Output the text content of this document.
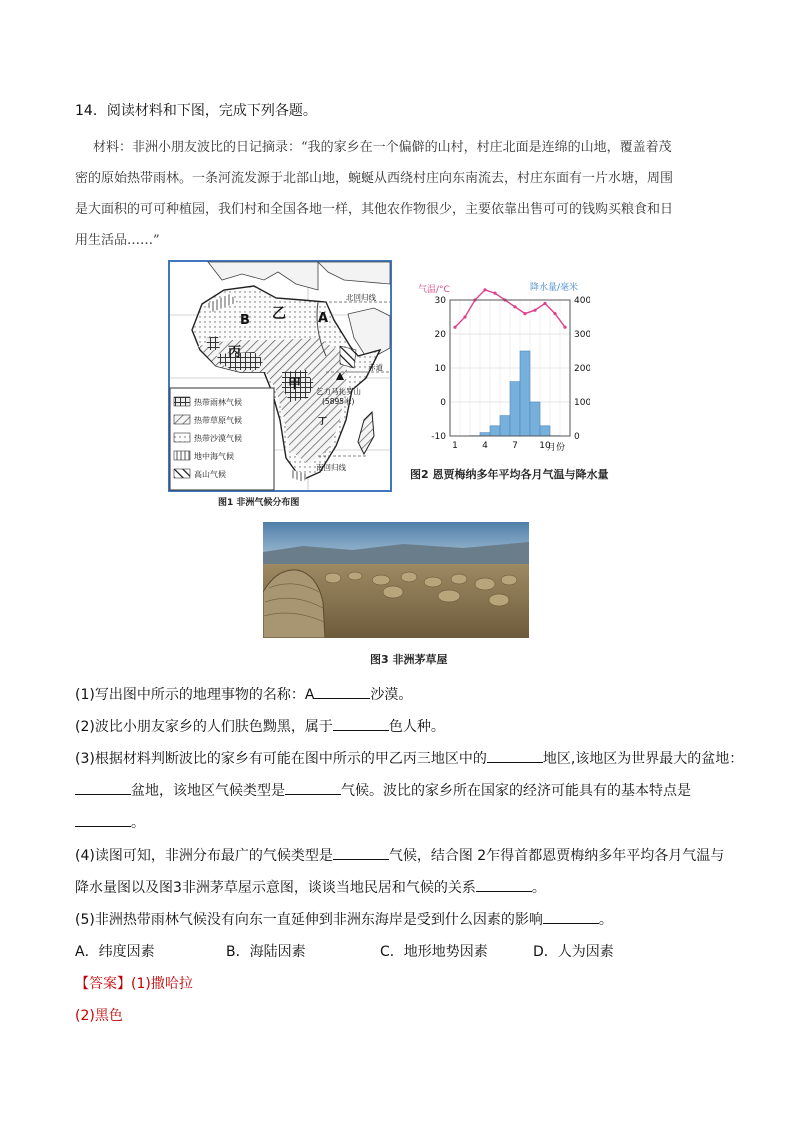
14．阅读材料和下图，完成下列各题。
材料：非洲小朋友波比的日记摘录：“我的家乡在一个偏僻的山村，村庄北面是连绵的山地，覆盖着茂
密的原始热带雨林。一条河流发源于北部山地，蜿蜒从西绕村庄向东南流去，村庄东面有一片水塘，周围
是大面积的可可种植园，我们村和全国各地一样，其他农作物很少，主要依靠出售可可的钱购买粮食和日
用生活品……”
热带雨林气候
热带草原气候
热带沙漠气候
地中海气候
高山气候
B 乙 A
丙
甲
丁
北回归线
赤道
南回归线
乞力马扎罗山
(5895米)
图1 非洲气候分布图
气温/°C	降水量/毫米
30
20
10
0
-10
400
300
200
100
0
1	4	7 10
月份
图2 恩贾梅纳多年平均各月气温与降水量
图3 非洲茅草屋
(1)写出图中所示的地理事物的名称：A	沙漠。
(2)波比小朋友家乡的人们肤色黝黑，属于	色人种。
(3)根据材料判断波比的家乡有可能在图中所示的甲乙丙三地区中的	地区,该地区为世界最大的盆地：
盆地，该地区气候类型是	气候。波比的家乡所在国家的经济可能具有的基本特点是
。
(4)读图可知，非洲分布最广的气候类型是	气候，结合图 2乍得首都恩贾梅纳多年平均各月气温与
降水量图以及图3非洲茅草屋示意图，谈谈当地民居和气候的关系	。
(5)非洲热带雨林气候没有向东一直延伸到非洲东海岸是受到什么因素的影响	。
A．纬度因素	B．海陆因素	C．地形地势因素	D．人为因素
【答案】(1)撒哈拉
(2)黑色
